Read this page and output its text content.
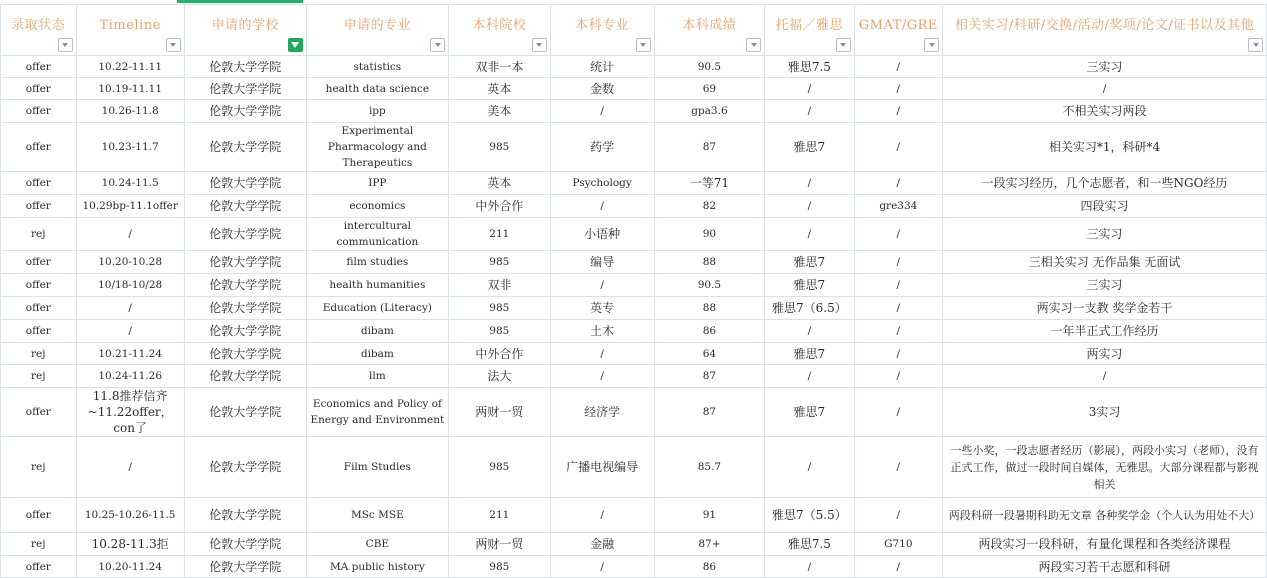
录取状态	Timeline	申请的学校	申请的专业	本科院校	本科专业	本科成绩	托福／雅思	GMAT/GRE	相关实习/科研/交换/活动/奖项/论文/证书以及其他

offer	10.22-11.11	伦敦大学学院	statistics	双非一本	统计	90.5	雅思7.5	/	三实习
offer	10.19-11.11	伦敦大学学院	health data science	英本	金数	69	/	/	/
offer	10.26-11.8	伦敦大学学院	ipp	美本	/	gpa3.6	/	/	不相关实习两段
offer	10.23-11.7	伦敦大学学院	Experimental Pharmacology and Therapeutics	985	药学	87	雅思7	/	相关实习*1，科研*4
offer	10.24-11.5	伦敦大学学院	IPP	英本	Psychology	一等71	/	/	一段实习经历，几个志愿者，和一些NGO经历
offer	10.29bp-11.1offer	伦敦大学学院	economics	中外合作	/	82	/	gre334	四段实习
rej	/	伦敦大学学院	intercultural communication	211	小语种	90	/	/	三实习
offer	10.20-10.28	伦敦大学学院	film studies	985	编导	88	雅思7	/	三相关实习 无作品集 无面试
offer	10/18-10/28	伦敦大学学院	health humanities	双非	/	90.5	雅思7	/	三实习
offer	/	伦敦大学学院	Education (Literacy)	985	英专	88	雅思7（6.5）	/	两实习一支教 奖学金若干
offer	/	伦敦大学学院	dibam	985	土木	86	/	/	一年半正式工作经历
rej	10.21-11.24	伦敦大学学院	dibam	中外合作	/	64	雅思7	/	两实习
rej	10.24-11.26	伦敦大学学院	llm	法大	/	87	/	/	/
offer	11.8推荐信齐 ~11.22offer，con了	伦敦大学学院	Economics and Policy of Energy and Environment	两财一贸	经济学	87	雅思7	/	3实习
rej	/	伦敦大学学院	Film Studies	985	广播电视编导	85.7	/	/	一些小奖，一段志愿者经历（影展），两段小实习（老师），没有正式工作，做过一段时间自媒体，无雅思。大部分课程都与影视相关
offer	10.25-10.26-11.5	伦敦大学学院	MSc MSE	211	/	91	雅思7（5.5）	/	两段科研一段暑期科助无文章 各种奖学金（个人认为用处不大）
rej	10.28-11.3拒	伦敦大学学院	CBE	两财一贸	金融	87+	雅思7.5	G710	两段实习一段科研，有量化课程和各类经济课程
offer	10.20-11.24	伦敦大学学院	MA public history	985	/	86	/	/	两段实习若干志愿和科研
